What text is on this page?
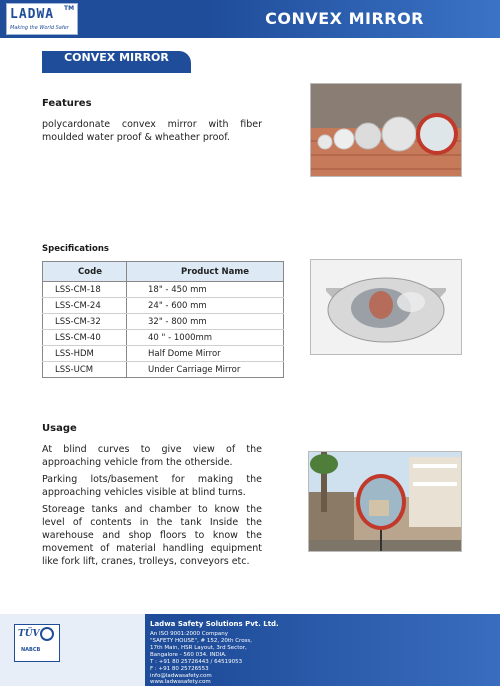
LADWA TM
Making the World Safer	CONVEX MIRROR
CONVEX MIRROR
Features
polycardonate convex mirror with fiber moulded water proof & wheather proof.
Specifications
Code	Product Name
LSS-CM-18	18" - 450 mm
LSS-CM-24	24" - 600 mm
LSS-CM-32	32" - 800 mm
LSS-CM-40	40 " - 1000mm
LSS-HDM	Half Dome Mirror
LSS-UCM	Under Carriage Mirror
Usage
At blind curves to give view of the approaching vehicle from the otherside.
Parking lots/basement for making the approaching vehicles visible at blind turns.
Storeage tanks and chamber to know the level of contents in the tank Inside the warehouse and shop floors to know the movement of material handling equipment like fork lift, cranes, trolleys, conveyors etc.
TÜV
NABCB
Ladwa Safety Solutions Pvt. Ltd.
An ISO 9001:2000 Company
"SAFETY HOUSE", # 152, 20th Cross,
17th Main, HSR Layout, 3rd Sector,
Bangalore - 560 034. INDIA.
T : +91 80 25726443 / 64519053
F : +91 80 25726553
info@ladwasafety.com
www.ladwasafety.com
